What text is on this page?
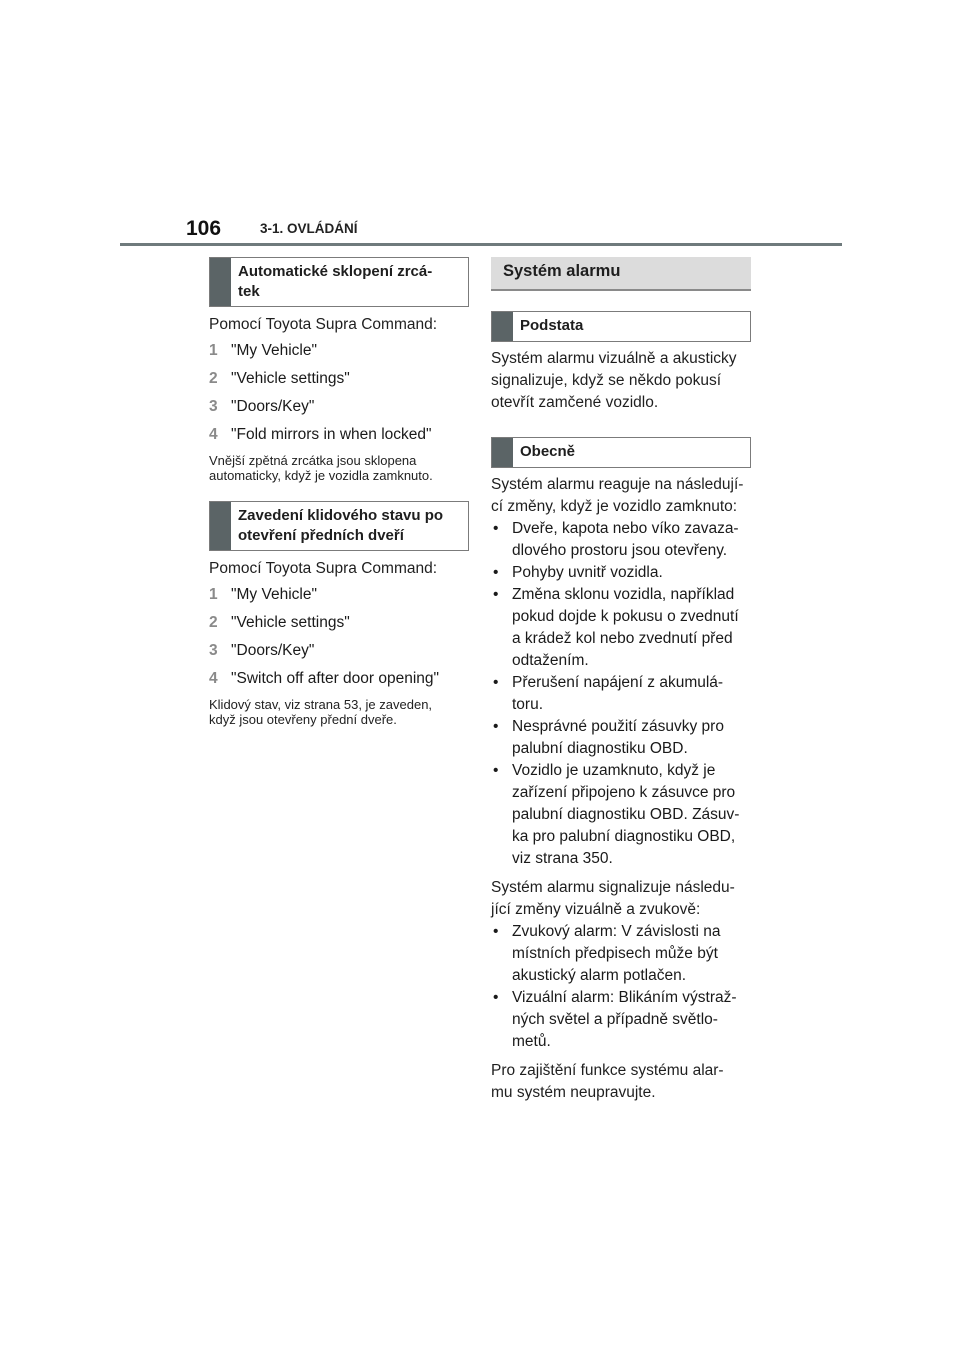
106	3-1. OVLÁDÁNÍ
Automatické sklopení zrcá-
tek

Pomocí Toyota Supra Command:

1 "My Vehicle"
2 "Vehicle settings"
3 "Doors/Key"
4 "Fold mirrors in when locked"
Vnější zpětná zrcátka jsou sklopena
automaticky, když je vozidla zamknuto.
Zavedení klidového stavu po
otevření předních dveří

Pomocí Toyota Supra Command:

1 "My Vehicle"
2 "Vehicle settings"
3 "Doors/Key"
4 "Switch off after door opening"
Klidový stav, viz strana 53, je zaveden,
když jsou otevřeny přední dveře.
Systém alarmu
Podstata
Systém alarmu vizuálně a akusticky
signalizuje, když se někdo pokusí
otevřít zamčené vozidlo.
Obecně
Systém alarmu reaguje na následují-
cí změny, když je vozidlo zamknuto:
• Dveře, kapota nebo víko zavaza-
dlového prostoru jsou otevřeny.
• Pohyby uvnitř vozidla.
• Změna sklonu vozidla, například
pokud dojde k pokusu o zvednutí
a krádež kol nebo zvednutí před
odtažením.
• Přerušení napájení z akumulá-
toru.
• Nesprávné použití zásuvky pro
palubní diagnostiku OBD.
• Vozidlo je uzamknuto, když je
zařízení připojeno k zásuvce pro
palubní diagnostiku OBD. Zásuv-
ka pro palubní diagnostiku OBD,
viz strana 350.
Systém alarmu signalizuje následu-
jící změny vizuálně a zvukově:
• Zvukový alarm: V závislosti na
místních předpisech může být
akustický alarm potlačen.
• Vizuální alarm: Blikáním výstraž-
ných světel a případně světlo-
metů.
Pro zajištění funkce systému alar-
mu systém neupravujte.
